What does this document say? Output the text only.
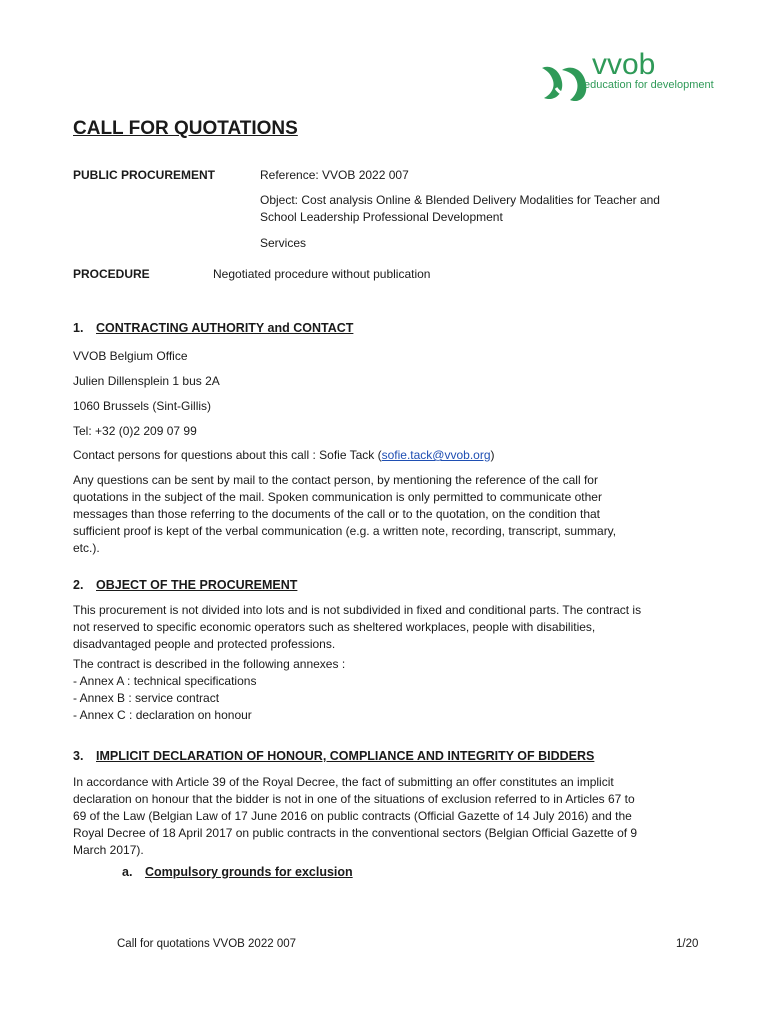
vvob
education for development
CALL FOR QUOTATIONS
PUBLIC PROCUREMENT	Reference: VVOB 2022 007
Object: Cost analysis Online & Blended Delivery Modalities for Teacher and
School Leadership Professional Development
Services
PROCEDURE	Negotiated procedure without publication
1. CONTRACTING AUTHORITY and CONTACT
VVOB Belgium Office
Julien Dillensplein 1 bus 2A
1060 Brussels (Sint-Gillis)
Tel: +32 (0)2 209 07 99
Contact persons for questions about this call : Sofie Tack (sofie.tack@vvob.org)
Any questions can be sent by mail to the contact person, by mentioning the reference of the call for
quotations in the subject of the mail. Spoken communication is only permitted to communicate other
messages than those referring to the documents of the call or to the quotation, on the condition that
sufficient proof is kept of the verbal communication (e.g. a written note, recording, transcript, summary,
etc.).
2. OBJECT OF THE PROCUREMENT
This procurement is not divided into lots and is not subdivided in fixed and conditional parts. The contract is
not reserved to specific economic operators such as sheltered workplaces, people with disabilities,
disadvantaged people and protected professions.
The contract is described in the following annexes :
- Annex A : technical specifications
- Annex B : service contract
- Annex C : declaration on honour
3. IMPLICIT DECLARATION OF HONOUR, COMPLIANCE AND INTEGRITY OF BIDDERS
In accordance with Article 39 of the Royal Decree, the fact of submitting an offer constitutes an implicit
declaration on honour that the bidder is not in one of the situations of exclusion referred to in Articles 67 to
69 of the Law (Belgian Law of 17 June 2016 on public contracts (Official Gazette of 14 July 2016) and the
Royal Decree of 18 April 2017 on public contracts in the conventional sectors (Belgian Official Gazette of 9
March 2017).
a. Compulsory grounds for exclusion
Call for quotations VVOB 2022 007	1/20
